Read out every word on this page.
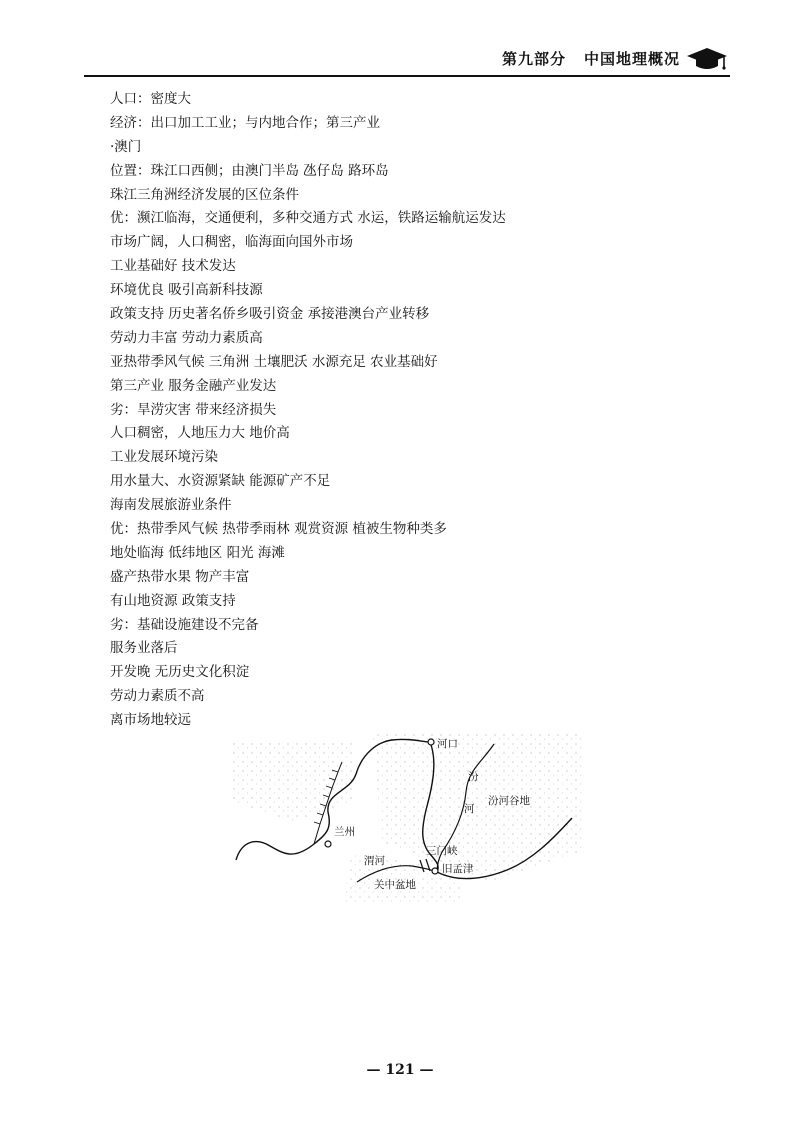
第九部分 中国地理概况
人口：密度大
经济：出口加工工业；与内地合作；第三产业
·澳门
位置：珠江口西侧；由澳门半岛 氹仔岛 路环岛
珠江三角洲经济发展的区位条件
优：濒江临海，交通便利，多种交通方式 水运，铁路运输航运发达
市场广阔，人口稠密，临海面向国外市场
工业基础好 技术发达
环境优良 吸引高新科技源
政策支持 历史著名侨乡吸引资金 承接港澳台产业转移
劳动力丰富 劳动力素质高
亚热带季风气候 三角洲 土壤肥沃 水源充足 农业基础好
第三产业 服务金融产业发达
劣：旱涝灾害 带来经济损失
人口稠密，人地压力大 地价高
工业发展环境污染
用水量大、水资源紧缺 能源矿产不足
海南发展旅游业条件
优：热带季风气候 热带季雨林 观赏资源 植被生物种类多
地处临海 低纬地区 阳光 海滩
盛产热带水果 物产丰富
有山地资源 政策支持
劣：基础设施建设不完备
服务业落后
开发晚 无历史文化积淀
劳动力素质不高
离市场地较远
河口
汾
河
汾河谷地
兰州
渭河
三门峡
旧孟津
关中盆地
— 121 —
